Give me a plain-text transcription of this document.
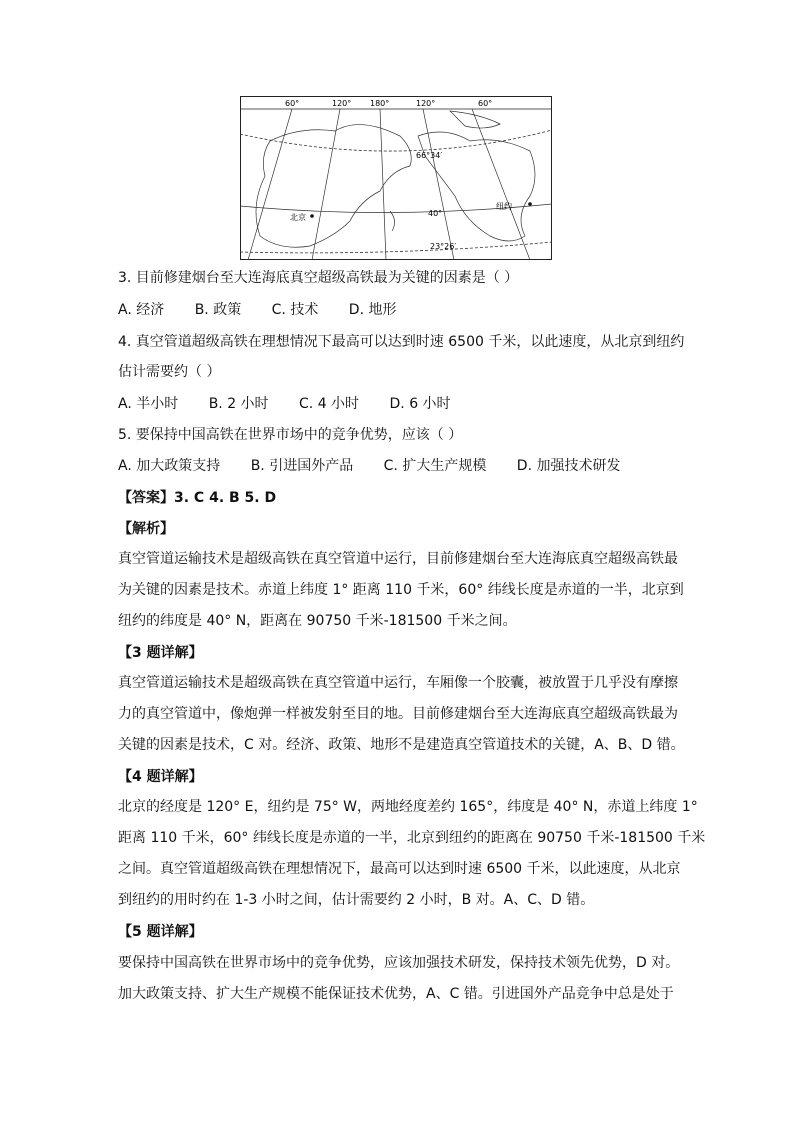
60°	120° 180°	120°	60°
66°34′
40°
23°26′
北京
纽约
3. 目前修建烟台至大连海底真空超级高铁最为关键的因素是（ ）
A. 经济 B. 政策 C. 技术 D. 地形
4. 真空管道超级高铁在理想情况下最高可以达到时速 6500 千米，以此速度，从北京到纽约
估计需要约（ ）
A. 半小时 B. 2 小时 C. 4 小时 D. 6 小时
5. 要保持中国高铁在世界市场中的竞争优势，应该（ ）
A. 加大政策支持 B. 引进国外产品 C. 扩大生产规模 D. 加强技术研发
【答案】3. C 4. B 5. D
【解析】
真空管道运输技术是超级高铁在真空管道中运行，目前修建烟台至大连海底真空超级高铁最
为关键的因素是技术。赤道上纬度 1° 距离 110 千米，60° 纬线长度是赤道的一半，北京到
纽约的纬度是 40° N，距离在 90750 千米-181500 千米之间。
【3 题详解】
真空管道运输技术是超级高铁在真空管道中运行，车厢像一个胶囊，被放置于几乎没有摩擦
力的真空管道中，像炮弹一样被发射至目的地。目前修建烟台至大连海底真空超级高铁最为
关键的因素是技术，C 对。经济、政策、地形不是建造真空管道技术的关键，A、B、D 错。
【4 题详解】
北京的经度是 120° E，纽约是 75° W，两地经度差约 165°，纬度是 40° N，赤道上纬度 1°
距离 110 千米，60° 纬线长度是赤道的一半，北京到纽约的距离在 90750 千米-181500 千米
之间。真空管道超级高铁在理想情况下，最高可以达到时速 6500 千米，以此速度，从北京
到纽约的用时约在 1-3 小时之间，估计需要约 2 小时，B 对。A、C、D 错。
【5 题详解】
要保持中国高铁在世界市场中的竞争优势，应该加强技术研发，保持技术领先优势，D 对。
加大政策支持、扩大生产规模不能保证技术优势，A、C 错。引进国外产品竞争中总是处于
